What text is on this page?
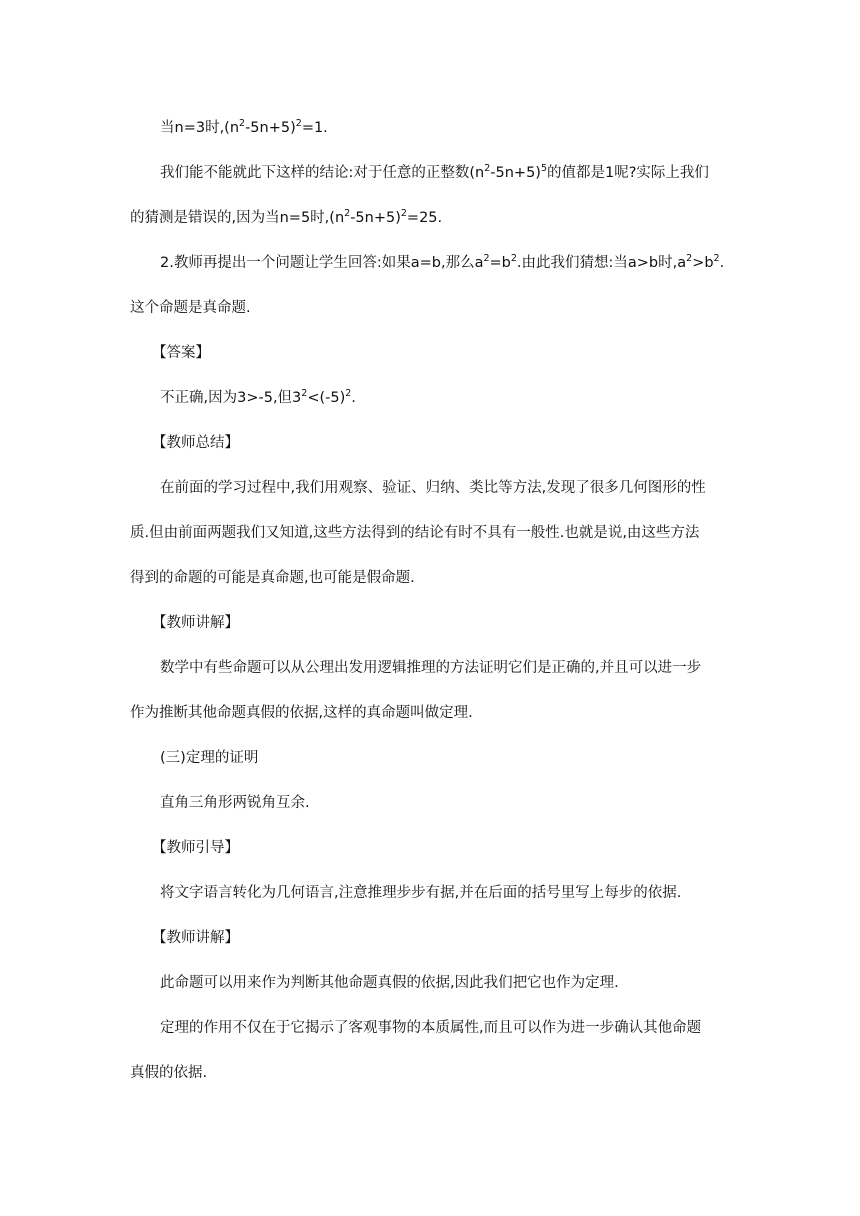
当n=3时$,(n^2-5n+5)^2=1$.
我们能不能就此下这样的结论:对于任意的正整数$(n^2-5n+5)^5$的值都是1呢?实际上我们
的猜测是错误的,因为当n=5时$,(n^2-5n+5)^2=25$.
2.教师再提出一个问题让学生回答:如果a=b,那么$a^2=b^2$.由此我们猜想:当a>b时$,a^2>b^2$.
这个命题是真命题.
【答案】
不正确,因为3>-5,但$3^2<(-5)^2$.
【教师总结】
在前面的学习过程中,我们用观察、验证、归纳、类比等方法,发现了很多几何图形的性
质.但由前面两题我们又知道,这些方法得到的结论有时不具有一般性.也就是说,由这些方法
得到的命题的可能是真命题,也可能是假命题.
【教师讲解】
数学中有些命题可以从公理出发用逻辑推理的方法证明它们是正确的,并且可以进一步
作为推断其他命题真假的依据,这样的真命题叫做定理.
(三)定理的证明
直角三角形两锐角互余.
【教师引导】
将文字语言转化为几何语言,注意推理步步有据,并在后面的括号里写上每步的依据.
【教师讲解】
此命题可以用来作为判断其他命题真假的依据,因此我们把它也作为定理.
定理的作用不仅在于它揭示了客观事物的本质属性,而且可以作为进一步确认其他命题
真假的依据.
